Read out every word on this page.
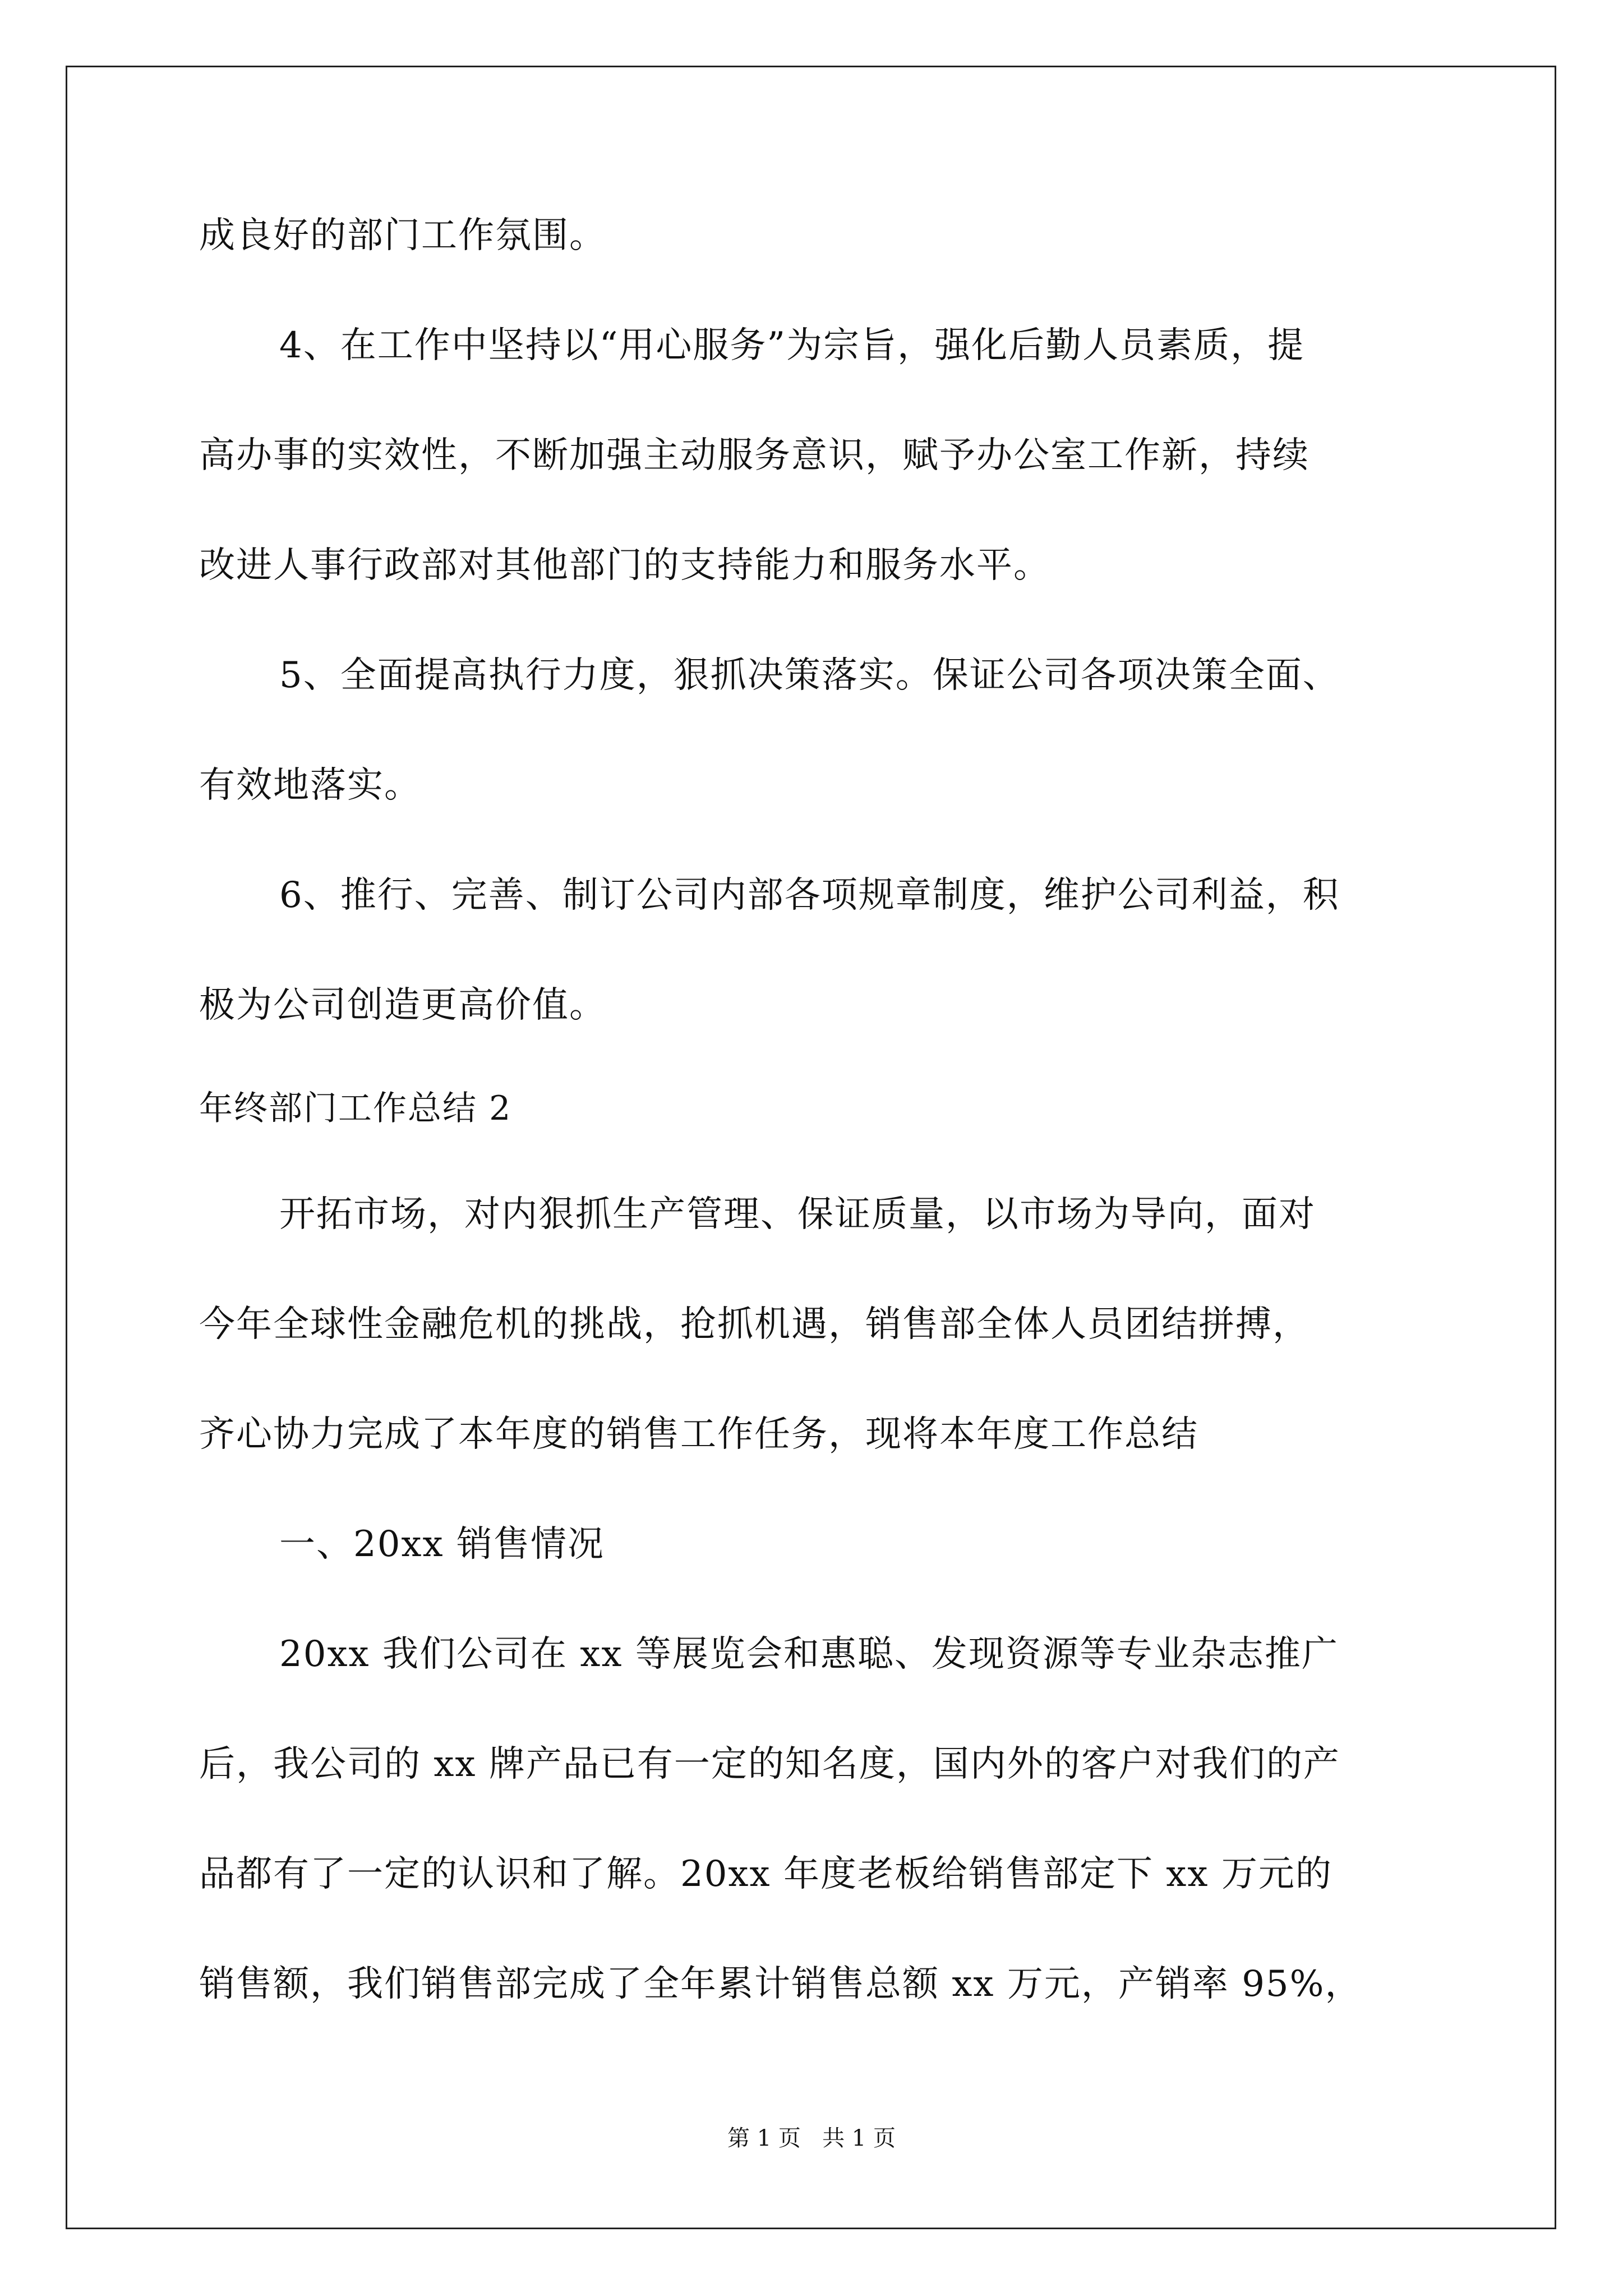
成良好的部门工作氛围。
4、在工作中坚持以“用心服务”为宗旨，强化后勤人员素质，提
高办事的实效性，不断加强主动服务意识，赋予办公室工作新，持续
改进人事行政部对其他部门的支持能力和服务水平。
5、全面提高执行力度，狠抓决策落实。保证公司各项决策全面、
有效地落实。
6、推行、完善、制订公司内部各项规章制度，维护公司利益，积
极为公司创造更高价值。
年终部门工作总结 2
开拓市场，对内狠抓生产管理、保证质量，以市场为导向，面对
今年全球性金融危机的挑战，抢抓机遇，销售部全体人员团结拼搏，
齐心协力完成了本年度的销售工作任务，现将本年度工作总结
一、20xx 销售情况
20xx 我们公司在 xx 等展览会和惠聪、发现资源等专业杂志推广
后，我公司的 xx 牌产品已有一定的知名度，国内外的客户对我们的产
品都有了一定的认识和了解。20xx 年度老板给销售部定下 xx 万元的
销售额，我们销售部完成了全年累计销售总额 xx 万元，产销率 95%，
第 1 页   共 1 页
